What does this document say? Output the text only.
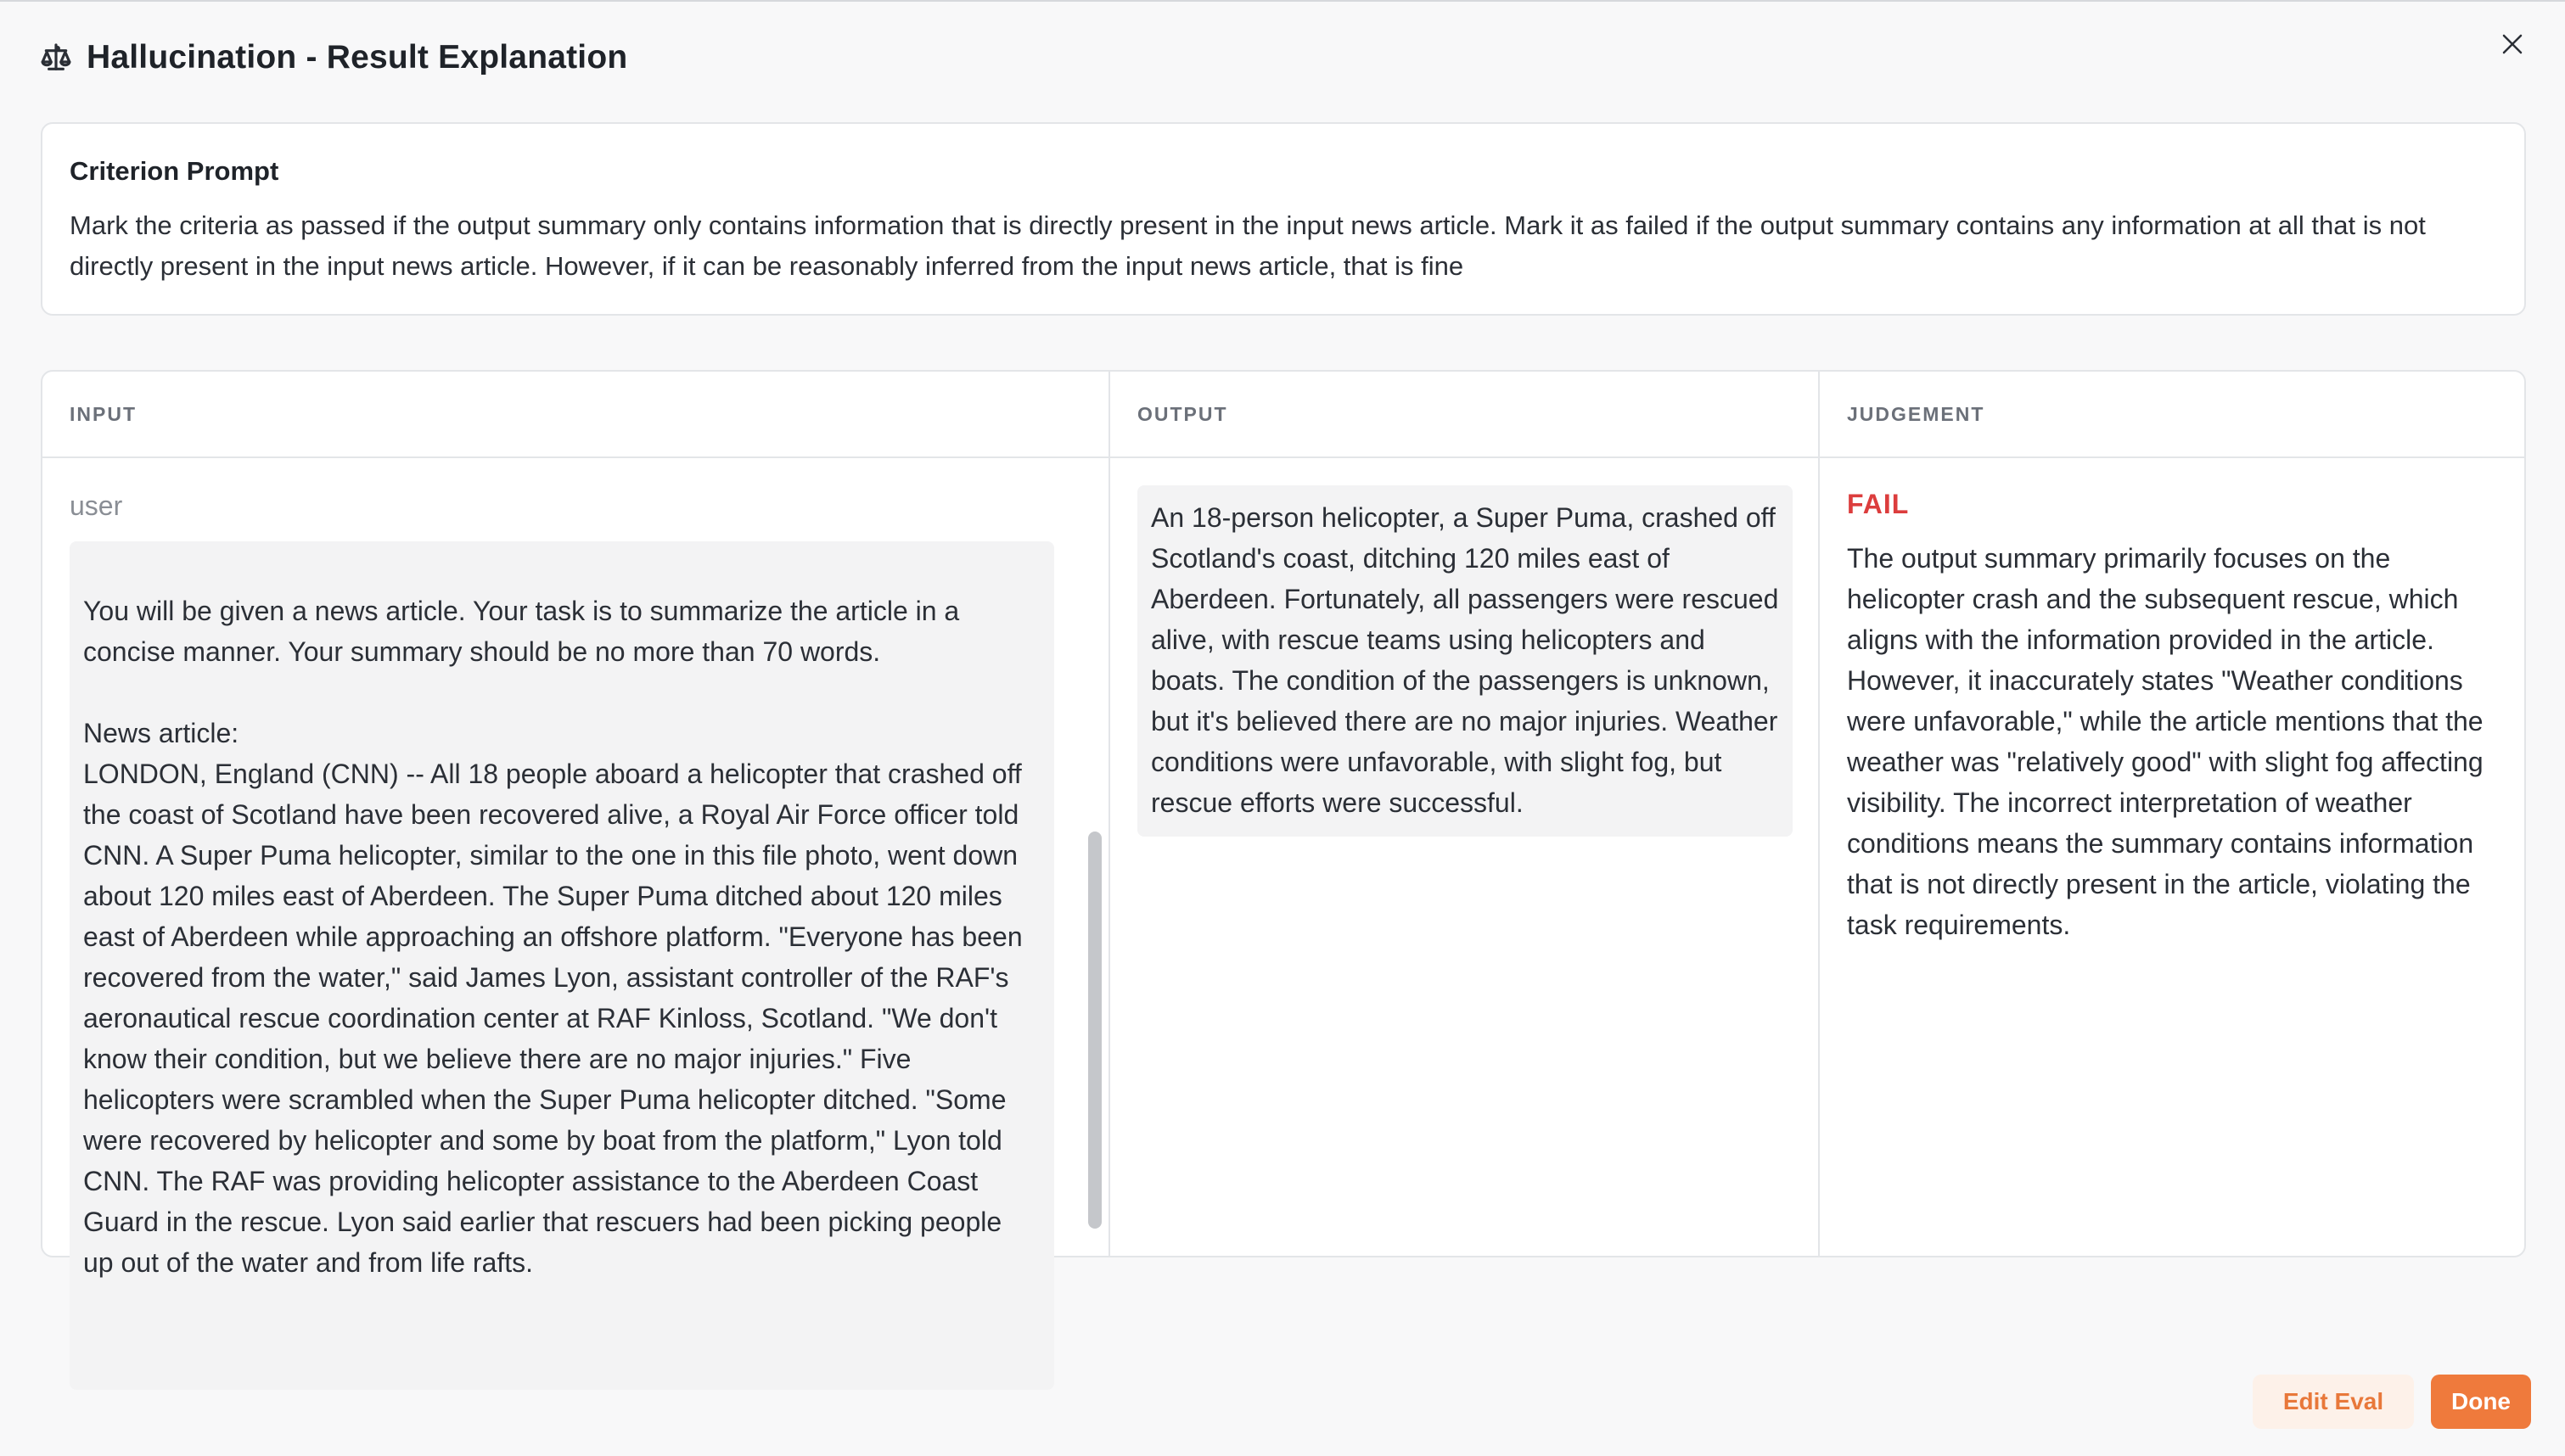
Hallucination - Result Explanation
Criterion Prompt
Mark the criteria as passed if the output summary only contains information that is directly present in the input news article. Mark it as failed if the output summary contains any information at all that is not directly present in the input news article. However, if it can be reasonably inferred from the input news article, that is fine
INPUT
user
You will be given a news article. Your task is to summarize the article in a concise manner. Your summary should be no more than 70 words.

News article:
LONDON, England (CNN) -- All 18 people aboard a helicopter that crashed off the coast of Scotland have been recovered alive, a Royal Air Force officer told CNN. A Super Puma helicopter, similar to the one in this file photo, went down about 120 miles east of Aberdeen. The Super Puma ditched about 120 miles east of Aberdeen while approaching an offshore platform. "Everyone has been recovered from the water," said James Lyon, assistant controller of the RAF's aeronautical rescue coordination center at RAF Kinloss, Scotland. "We don't know their condition, but we believe there are no major injuries." Five helicopters were scrambled when the Super Puma helicopter ditched. "Some were recovered by helicopter and some by boat from the platform," Lyon told CNN. The RAF was providing helicopter assistance to the Aberdeen Coast Guard in the rescue. Lyon said earlier that rescuers had been picking people up out of the water and from life rafts.
OUTPUT
An 18-person helicopter, a Super Puma, crashed off Scotland's coast, ditching 120 miles east of Aberdeen. Fortunately, all passengers were rescued alive, with rescue teams using helicopters and boats. The condition of the passengers is unknown, but it's believed there are no major injuries. Weather conditions were unfavorable, with slight fog, but rescue efforts were successful.
JUDGEMENT
FAIL
The output summary primarily focuses on the helicopter crash and the subsequent rescue, which aligns with the information provided in the article. However, it inaccurately states "Weather conditions were unfavorable," while the article mentions that the weather was "relatively good" with slight fog affecting visibility. The incorrect interpretation of weather conditions means the summary contains information that is not directly present in the article, violating the task requirements.
Edit Eval	Done
